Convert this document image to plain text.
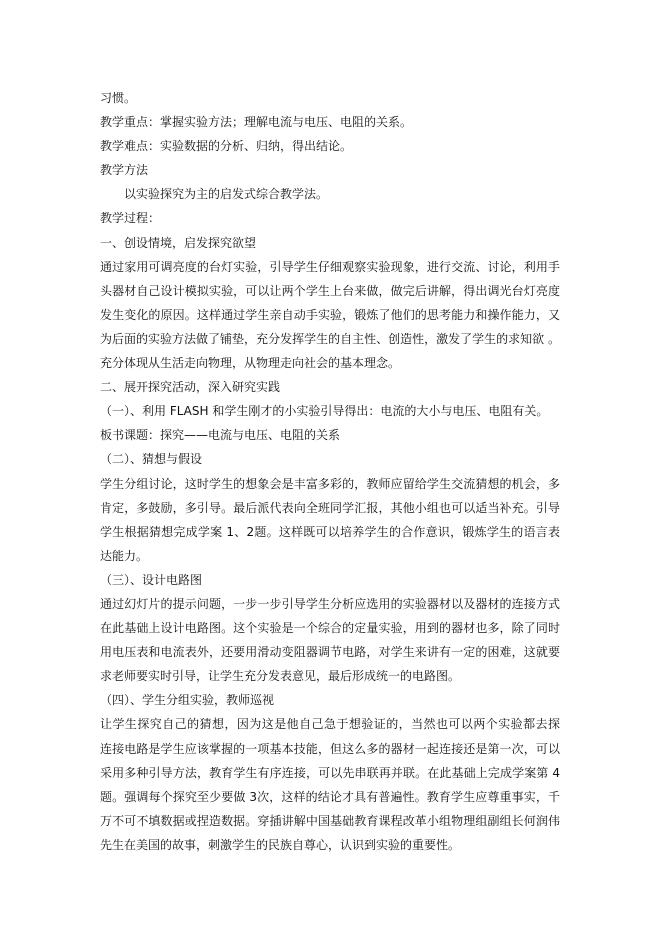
习惯。
教学重点：掌握实验方法；理解电流与电压、电阻的关系。
教学难点：实验数据的分析、归纳，得出结论。
教学方法
以实验探究为主的启发式综合教学法。
教学过程：
一、创设情境，启发探究欲望
通过家用可调亮度的台灯实验，引导学生仔细观察实验现象，进行交流、讨论，利用手
头器材自己设计模拟实验，可以让两个学生上台来做，做完后讲解，得出调光台灯亮度
发生变化的原因。这样通过学生亲自动手实验，锻炼了他们的思考能力和操作能力，又
为后面的实验方法做了铺垫，充分发挥学生的自主性、创造性，激发了学生的求知欲 。
充分体现从生活走向物理，从物理走向社会的基本理念。
二、展开探究活动，深入研究实践
（一）、利用 FLASH 和学生刚才的小实验引导得出：电流的大小与电压、电阻有关。
板书课题：探究——电流与电压、电阻的关系
（二）、猜想与假设
学生分组讨论，这时学生的想象会是丰富多彩的，教师应留给学生交流猜想的机会，多
肯定，多鼓励，多引导。最后派代表向全班同学汇报，其他小组也可以适当补充。引导
学生根据猜想完成学案 1、2题。这样既可以培养学生的合作意识，锻炼学生的语言表
达能力。
（三）、设计电路图
通过幻灯片的提示问题，一步一步引导学生分析应选用的实验器材以及器材的连接方式
在此基础上设计电路图。这个实验是一个综合的定量实验，用到的器材也多，除了同时
用电压表和电流表外，还要用滑动变阻器调节电路，对学生来讲有一定的困难，这就要
求老师要实时引导，让学生充分发表意见，最后形成统一的电路图。
（四）、学生分组实验，教师巡视
让学生探究自己的猜想，因为这是他自己急于想验证的，当然也可以两个实验都去探
连接电路是学生应该掌握的一项基本技能，但这么多的器材一起连接还是第一次，可以
采用多种引导方法，教育学生有序连接，可以先串联再并联。在此基础上完成学案第 4
题。强调每个探究至少要做 3次，这样的结论才具有普遍性。教育学生应尊重事实，千
万不可不填数据或捏造数据。穿插讲解中国基础教育课程改革小组物理组副组长何润伟
先生在美国的故事，刺激学生的民族自尊心，认识到实验的重要性。
